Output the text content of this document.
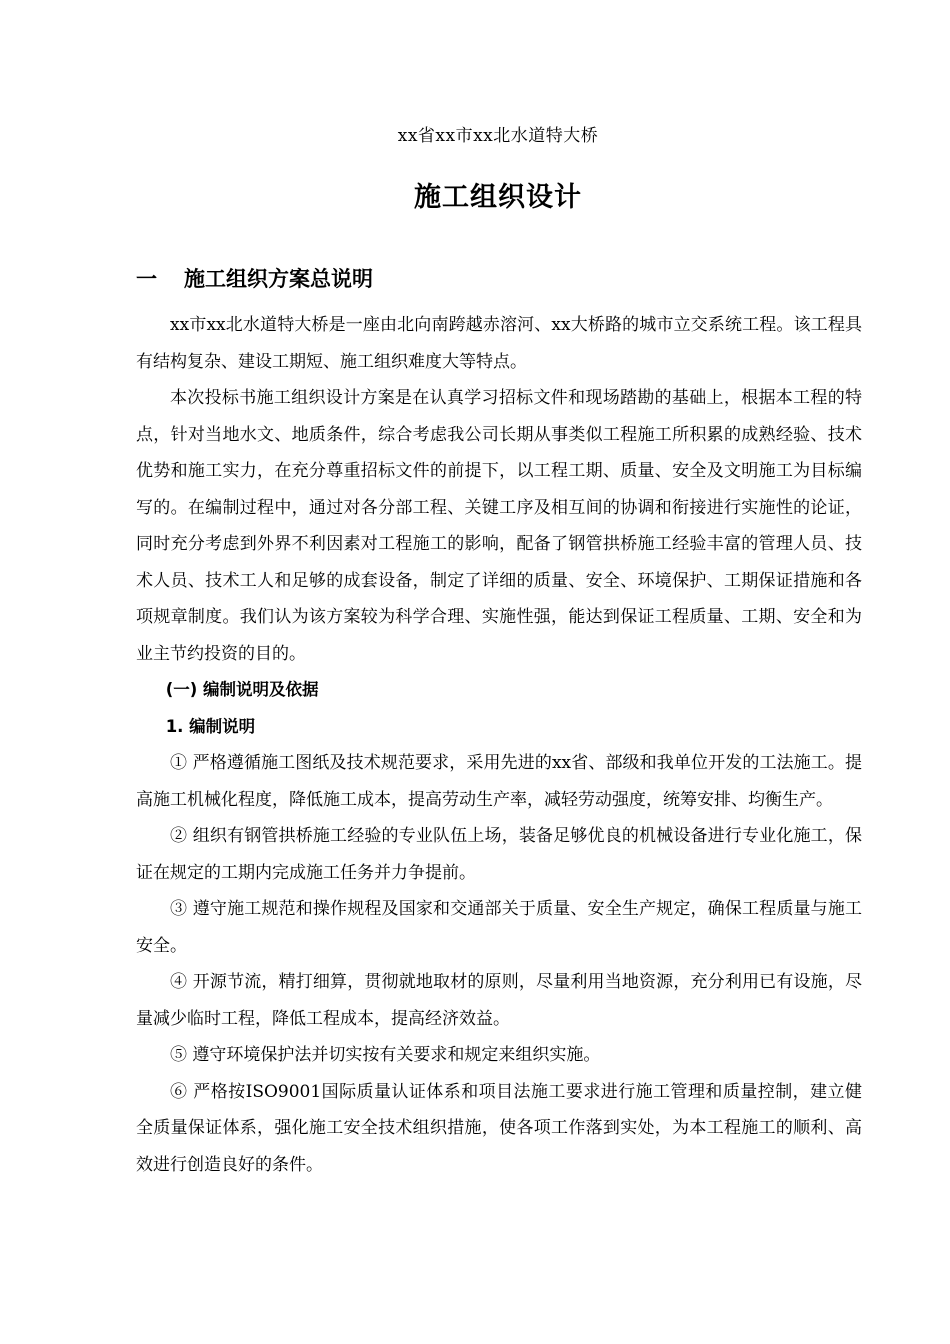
xx省xx市xx北水道特大桥
施工组织设计
一 施工组织方案总说明

xx市xx北水道特大桥是一座由北向南跨越赤溶河、xx大桥路的城市立交系统工程。该工程具有结构复杂、建设工期短、施工组织难度大等特点。

本次投标书施工组织设计方案是在认真学习招标文件和现场踏勘的基础上，根据本工程的特点，针对当地水文、地质条件，综合考虑我公司长期从事类似工程施工所积累的成熟经验、技术优势和施工实力，在充分尊重招标文件的前提下，以工程工期、质量、安全及文明施工为目标编写的。在编制过程中，通过对各分部工程、关键工序及相互间的协调和衔接进行实施性的论证，同时充分考虑到外界不利因素对工程施工的影响，配备了钢管拱桥施工经验丰富的管理人员、技术人员、技术工人和足够的成套设备，制定了详细的质量、安全、环境保护、工期保证措施和各项规章制度。我们认为该方案较为科学合理、实施性强，能达到保证工程质量、工期、安全和为业主节约投资的目的。

(一) 编制说明及依据

1. 编制说明

① 严格遵循施工图纸及技术规范要求，采用先进的xx省、部级和我单位开发的工法施工。提高施工机械化程度，降低施工成本，提高劳动生产率，减轻劳动强度，统筹安排、均衡生产。

② 组织有钢管拱桥施工经验的专业队伍上场，装备足够优良的机械设备进行专业化施工，保证在规定的工期内完成施工任务并力争提前。

③ 遵守施工规范和操作规程及国家和交通部关于质量、安全生产规定，确保工程质量与施工安全。

④ 开源节流，精打细算，贯彻就地取材的原则，尽量利用当地资源，充分利用已有设施，尽量减少临时工程，降低工程成本，提高经济效益。

⑤ 遵守环境保护法并切实按有关要求和规定来组织实施。

⑥ 严格按ISO9001国际质量认证体系和项目法施工要求进行施工管理和质量控制，建立健全质量保证体系，强化施工安全技术组织措施，使各项工作落到实处，为本工程施工的顺利、高效进行创造良好的条件。
